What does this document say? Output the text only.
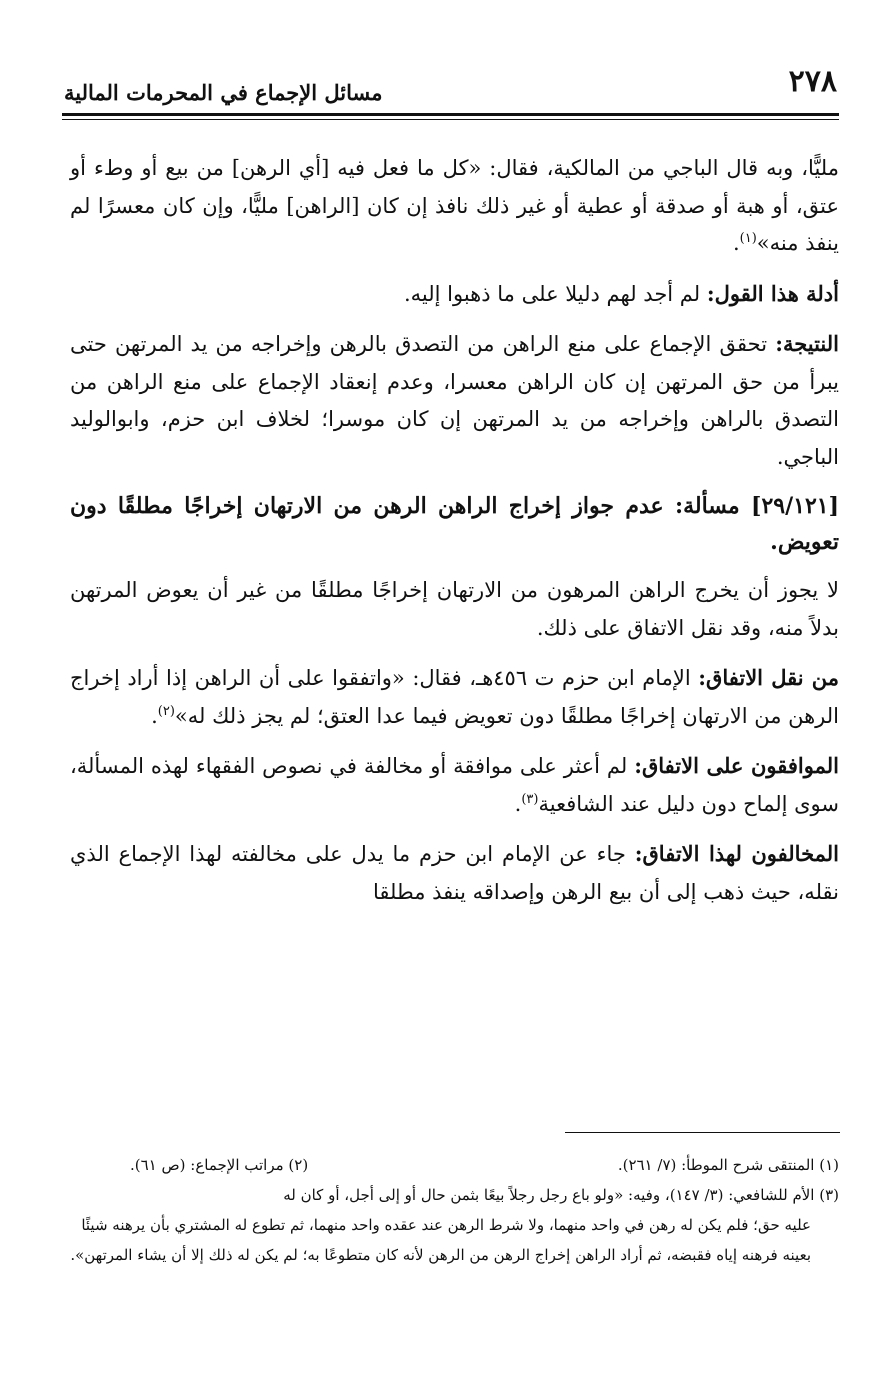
٢٧٨
مسائل الإجماع في المحرمات المالية

مليًّا، وبه قال الباجي من المالكية، فقال: «كل ما فعل فيه [أي الرهن] من بيع أو وطء أو عتق، أو هبة أو صدقة أو عطية أو غير ذلك نافذ إن كان [الراهن] مليًّا، وإن كان معسرًا لم ينفذ منه»$^{(١)}$.

أدلة هذا القول: لم أجد لهم دليلا على ما ذهبوا إليه.

النتيجة: تحقق الإجماع على منع الراهن من التصدق بالرهن وإخراجه من يد المرتهن حتى يبرأ من حق المرتهن إن كان الراهن معسرا، وعدم إنعقاد الإجماع على منع الراهن من التصدق بالراهن وإخراجه من يد المرتهن إن كان موسرا؛ لخلاف ابن حزم، وابوالوليد الباجي.

[٢٩/١٢١] مسألة: عدم جواز إخراج الراهن الرهن من الارتهان إخراجًا مطلقًا دون تعويض.

لا يجوز أن يخرج الراهن المرهون من الارتهان إخراجًا مطلقًا من غير أن يعوض المرتهن بدلاً منه، وقد نقل الاتفاق على ذلك.

من نقل الاتفاق: الإمام ابن حزم ت ٤٥٦هـ، فقال: «واتفقوا على أن الراهن إذا أراد إخراج الرهن من الارتهان إخراجًا مطلقًا دون تعويض فيما عدا العتق؛ لم يجز ذلك له»$^{(٢)}$.

الموافقون على الاتفاق: لم أعثر على موافقة أو مخالفة في نصوص الفقهاء لهذه المسألة، سوى إلماح دون دليل عند الشافعية$^{(٣)}$.

المخالفون لهذا الاتفاق: جاء عن الإمام ابن حزم ما يدل على مخالفته لهذا الإجماع الذي نقله، حيث ذهب إلى أن بيع الرهن وإصداقه ينفذ مطلقا

(١) المنتقى شرح الموطأ: (٧/ ٢٦١).

(٢) مراتب الإجماع: (ص ٦١).

(٣) الأم للشافعي: (٣/ ١٤٧)، وفيه: «ولو باع رجل رجلاً بيعًا بثمن حال أو إلى أجل، أو كان له

عليه حق؛ فلم يكن له رهن في واحد منهما، ولا شرط الرهن عند عقده واحد منهما، ثم تطوع له المشتري بأن يرهنه شيئًا بعينه فرهنه إياه فقبضه، ثم أراد الراهن إخراج الرهن من الرهن لأنه كان متطوعًا به؛ لم يكن له ذلك إلا أن يشاء المرتهن».
